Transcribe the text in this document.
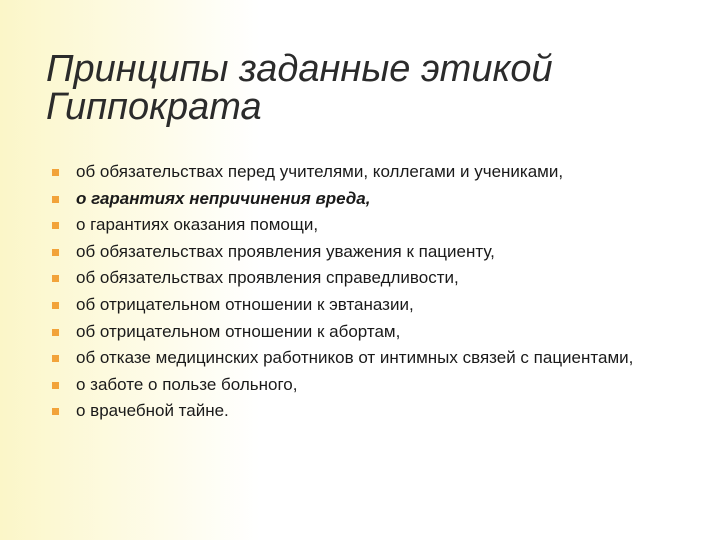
Принципы заданные этикой Гиппократа
об обязательствах перед учителями, коллегами и учениками,
о гарантиях непричинения вреда,
о гарантиях оказания помощи,
об обязательствах проявления уважения к пациенту,
об обязательствах проявления справедливости,
об отрицательном отношении к эвтаназии,
об отрицательном отношении к абортам,
об отказе медицинских работников от интимных связей с пациентами,
о заботе о пользе больного,
о врачебной тайне.
